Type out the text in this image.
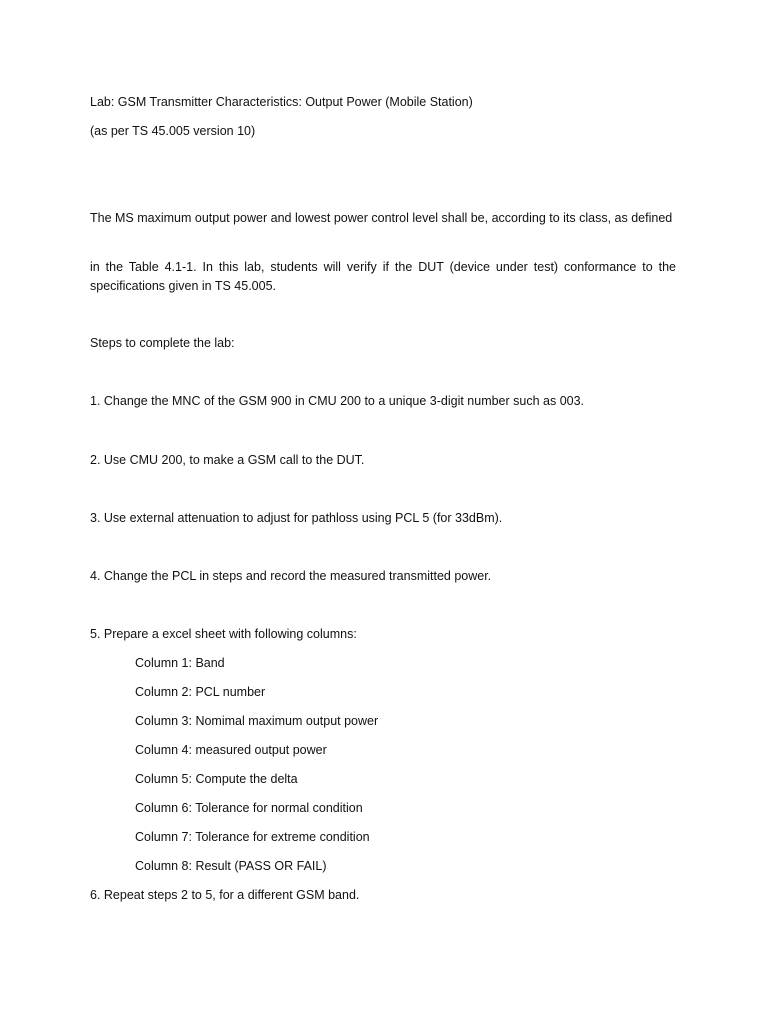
Lab: GSM Transmitter Characteristics: Output Power (Mobile Station)

(as per TS 45.005 version 10)

The MS maximum output power and lowest power control level shall be, according to its class, as defined

in the Table 4.1-1. In this lab, students will verify if the DUT (device under test) conformance to the specifications given in TS 45.005.

Steps to complete the lab:

1. Change the MNC of the GSM 900 in CMU 200 to a unique 3-digit number such as 003.

2. Use CMU 200, to make a GSM call to the DUT.

3. Use external attenuation to adjust for pathloss using PCL 5 (for 33dBm).

4. Change the PCL in steps and record the measured transmitted power.

5. Prepare a excel sheet with following columns:

Column 1: Band

Column 2: PCL number

Column 3: Nomimal maximum output power

Column 4: measured output power

Column 5: Compute the delta

Column 6: Tolerance for normal condition

Column 7: Tolerance for extreme condition

Column 8: Result (PASS OR FAIL)

6. Repeat steps 2 to 5, for a different GSM band.
